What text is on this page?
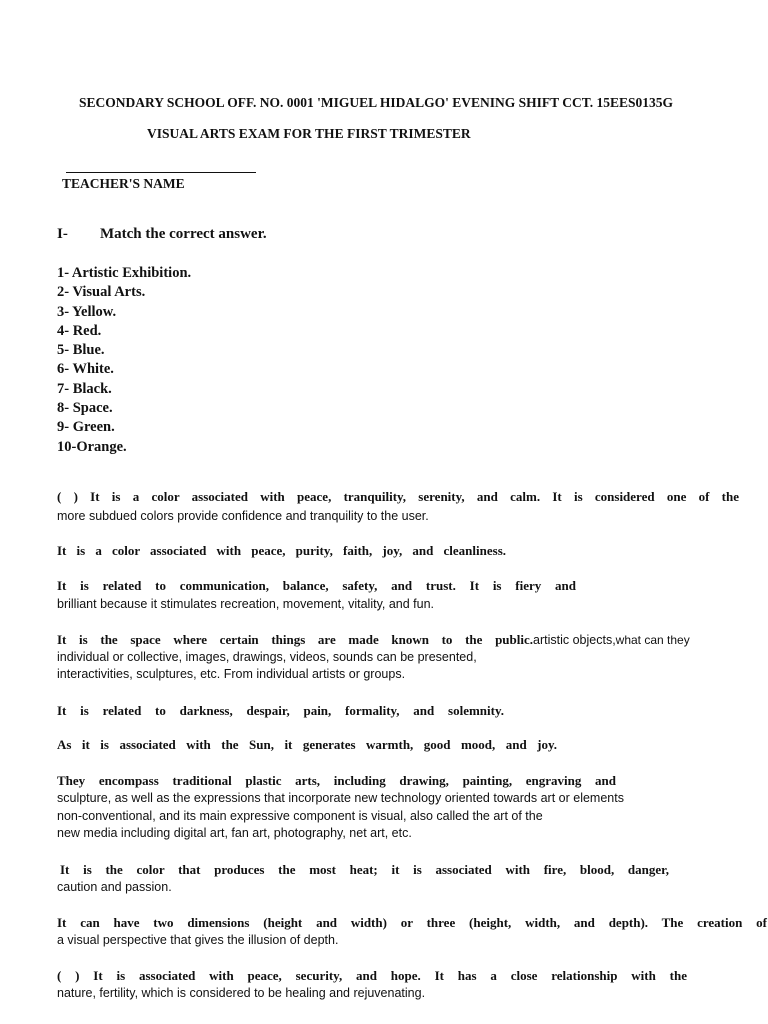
SECONDARY SCHOOL OFF. NO. 0001 'MIGUEL HIDALGO' EVENING SHIFT CCT. 15EES0135G
VISUAL ARTS EXAM FOR THE FIRST TRIMESTER
TEACHER'S NAME
I- Match the correct answer.
1- Artistic Exhibition.
2- Visual Arts.
3- Yellow.
4- Red.
5- Blue.
6- White.
7- Black.
8- Space.
9- Green.
10-Orange.
( ) It is a color associated with peace, tranquility, serenity, and calm. It is considered one of the
more subdued colors provide confidence and tranquility to the user.
It is a color associated with peace, purity, faith, joy, and cleanliness.
It is related to communication, balance, safety, and trust. It is fiery and
brilliant because it stimulates recreation, movement, vitality, and fun.
It is the space where certain things are made known to the public.artistic objects,what can they
individual or collective, images, drawings, videos, sounds can be presented,
interactivities, sculptures, etc. From individual artists or groups.
It is related to darkness, despair, pain, formality, and solemnity.
As it is associated with the Sun, it generates warmth, good mood, and joy.
They encompass traditional plastic arts, including drawing, painting, engraving and
sculpture, as well as the expressions that incorporate new technology oriented towards art or elements
non-conventional, and its main expressive component is visual, also called the art of the
new media including digital art, fan art, photography, net art, etc.
It is the color that produces the most heat; it is associated with fire, blood, danger,
caution and passion.
It can have two dimensions (height and width) or three (height, width, and depth). The creation of
a visual perspective that gives the illusion of depth.
( ) It is associated with peace, security, and hope. It has a close relationship with the
nature, fertility, which is considered to be healing and rejuvenating.
